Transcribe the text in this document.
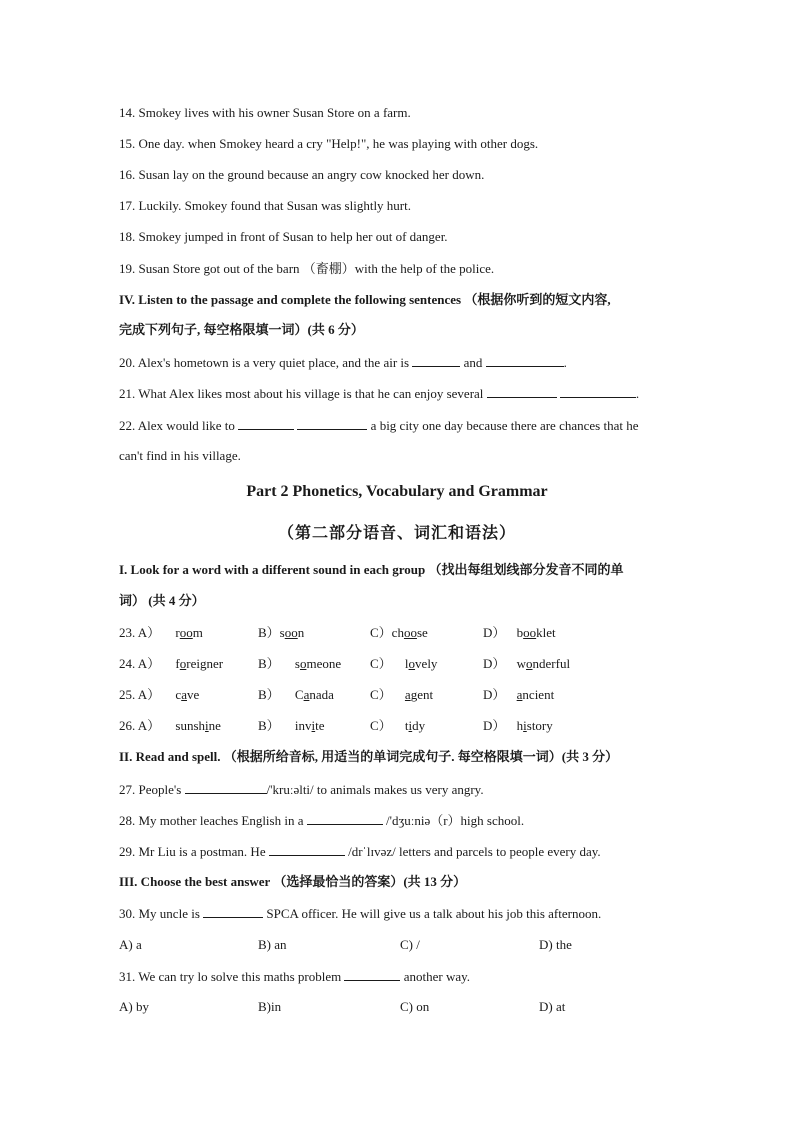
14. Smokey lives with his owner Susan Store on a farm.
15. One day. when Smokey heard a cry "Help!", he was playing with other dogs.
16. Susan lay on the ground because an angry cow knocked her down.
17. Luckily. Smokey found that Susan was slightly hurt.
18. Smokey jumped in front of Susan to help her out of danger.
19. Susan Store got out of the barn （畜棚）with the help of the police.
IV. Listen to the passage and complete the following sentences （根据你听到的短文内容,
完成下列句子, 每空格限填一词）(共 6 分）
20. Alex's hometown is a very quiet place, and the air is	and	.
21. What Alex likes most about his village is that he can enjoy several	.
22. Alex would like to	a big city one day because there are chances that he
can't find in his village.
Part 2 Phonetics, Vocabulary and Grammar
（第二部分语音、词汇和语法）
I. Look for a word with a different sound in each group （找出每组划线部分发音不同的单
词） (共 4 分）
23. A） room	B）soon	C）choose	D） booklet
24. A） foreigner	B） someone C） lovely	D） wonderful
25. A） cave	B） Canada	C） agent	D） ancient
26. A） sunshine	B） invite	C） tidy	D） history
II. Read and spell. （根据所给音标, 用适当的单词完成句子. 每空格限填一词）(共 3 分）
27. People's	/'kruːəlti/ to animals makes us very angry.
28. My mother leaches English in a	/'dʒuːniə（r）high school.
29. Mr Liu is a postman. He	/drˈlɪvəz/ letters and parcels to people every day.
III. Choose the best answer （选择最恰当的答案）(共 13 分）
30. My uncle is	SPCA officer. He will give us a talk about his job this afternoon.
A) a	B) an	C) /	D) the
31. We can try lo solve this maths problem	another way.
A) by	B)in	C) on	D) at
